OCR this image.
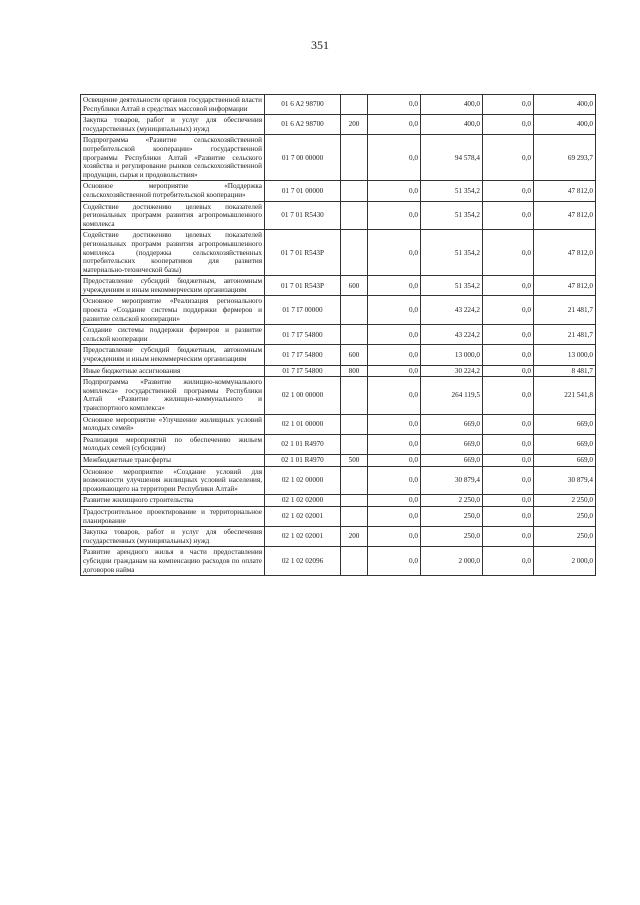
351
Освещение деятельности органов государственной власти Республики Алтай в средствах массовой информации	01 6 A2 98700		0,0	400,0	0,0	400,0
Закупка товаров, работ и услуг для обеспечения государственных (муниципальных) нужд	01 6 A2 98700	200	0,0	400,0	0,0	400,0
Подпрограмма «Развитие сельскохозяйственной потребительской кооперации» государственной программы Республики Алтай «Развитие сельского хозяйства и регулирование рынков сельскохозяйственной продукции, сырья и продовольствия»	01 7 00 00000		0,0	94 578,4	0,0	69 293,7
Основное мероприятие «Поддержка сельскохозяйственной потребительской кооперации»	01 7 01 00000		0,0	51 354,2	0,0	47 812,0
Содействие достижению целевых показателей региональных программ развития агропромышленного комплекса	01 7 01 R5430		0,0	51 354,2	0,0	47 812,0
Содействие достижению целевых показателей региональных программ развития агропромышленного комплекса (поддержка сельскохозяйственных потребительских кооперативов для развития материально-технической базы)	01 7 01 R543P		0,0	51 354,2	0,0	47 812,0
Предоставление субсидий бюджетным, автономным учреждениям и иным некоммерческим организациям	01 7 01 R543P	600	0,0	51 354,2	0,0	47 812,0
Основное мероприятие «Реализация регионального проекта «Создание системы поддержки фермеров и развитие сельской кооперации»	01 7 I7 00000		0,0	43 224,2	0,0	21 481,7
Создание системы поддержки фермеров и развитие сельской кооперации	01 7 I7 54800		0,0	43 224,2	0,0	21 481,7
Предоставление субсидий бюджетным, автономным учреждениям и иным некоммерческим организациям	01 7 I7 54800	600	0,0	13 000,0	0,0	13 000,0
Иные бюджетные ассигнования	01 7 I7 54800	800	0,0	30 224,2	0,0	8 481,7
Подпрограмма «Развитие жилищно-коммунального комплекса» государственной программы Республики Алтай «Развитие жилищно-коммунального и транспортного комплекса»	02 1 00 00000		0,0	264 119,5	0,0	221 541,8
Основное мероприятие «Улучшение жилищных условий молодых семей»	02 1 01 00000		0,0	669,0	0,0	669,0
Реализация мероприятий по обеспечению жильем молодых семей (субсидии)	02 1 01 R4970		0,0	669,0	0,0	669,0
Межбюджетные трансферты	02 1 01 R4970	500	0,0	669,0	0,0	669,0
Основное мероприятие «Создание условий для возможности улучшения жилищных условий населения, проживающего на территории Республики Алтай»	02 1 02 00000		0,0	30 879,4	0,0	30 879,4
Развитие жилищного строительства	02 1 02 02000		0,0	2 250,0	0,0	2 250,0
Градостроительное проектирование и территориальное планирование	02 1 02 02001		0,0	250,0	0,0	250,0
Закупка товаров, работ и услуг для обеспечения государственных (муниципальных) нужд	02 1 02 02001	200	0,0	250,0	0,0	250,0
Развитие арендного жилья в части предоставления субсидии гражданам на компенсацию расходов по оплате договоров найма	02 1 02 02096		0,0	2 000,0	0,0	2 000,0
